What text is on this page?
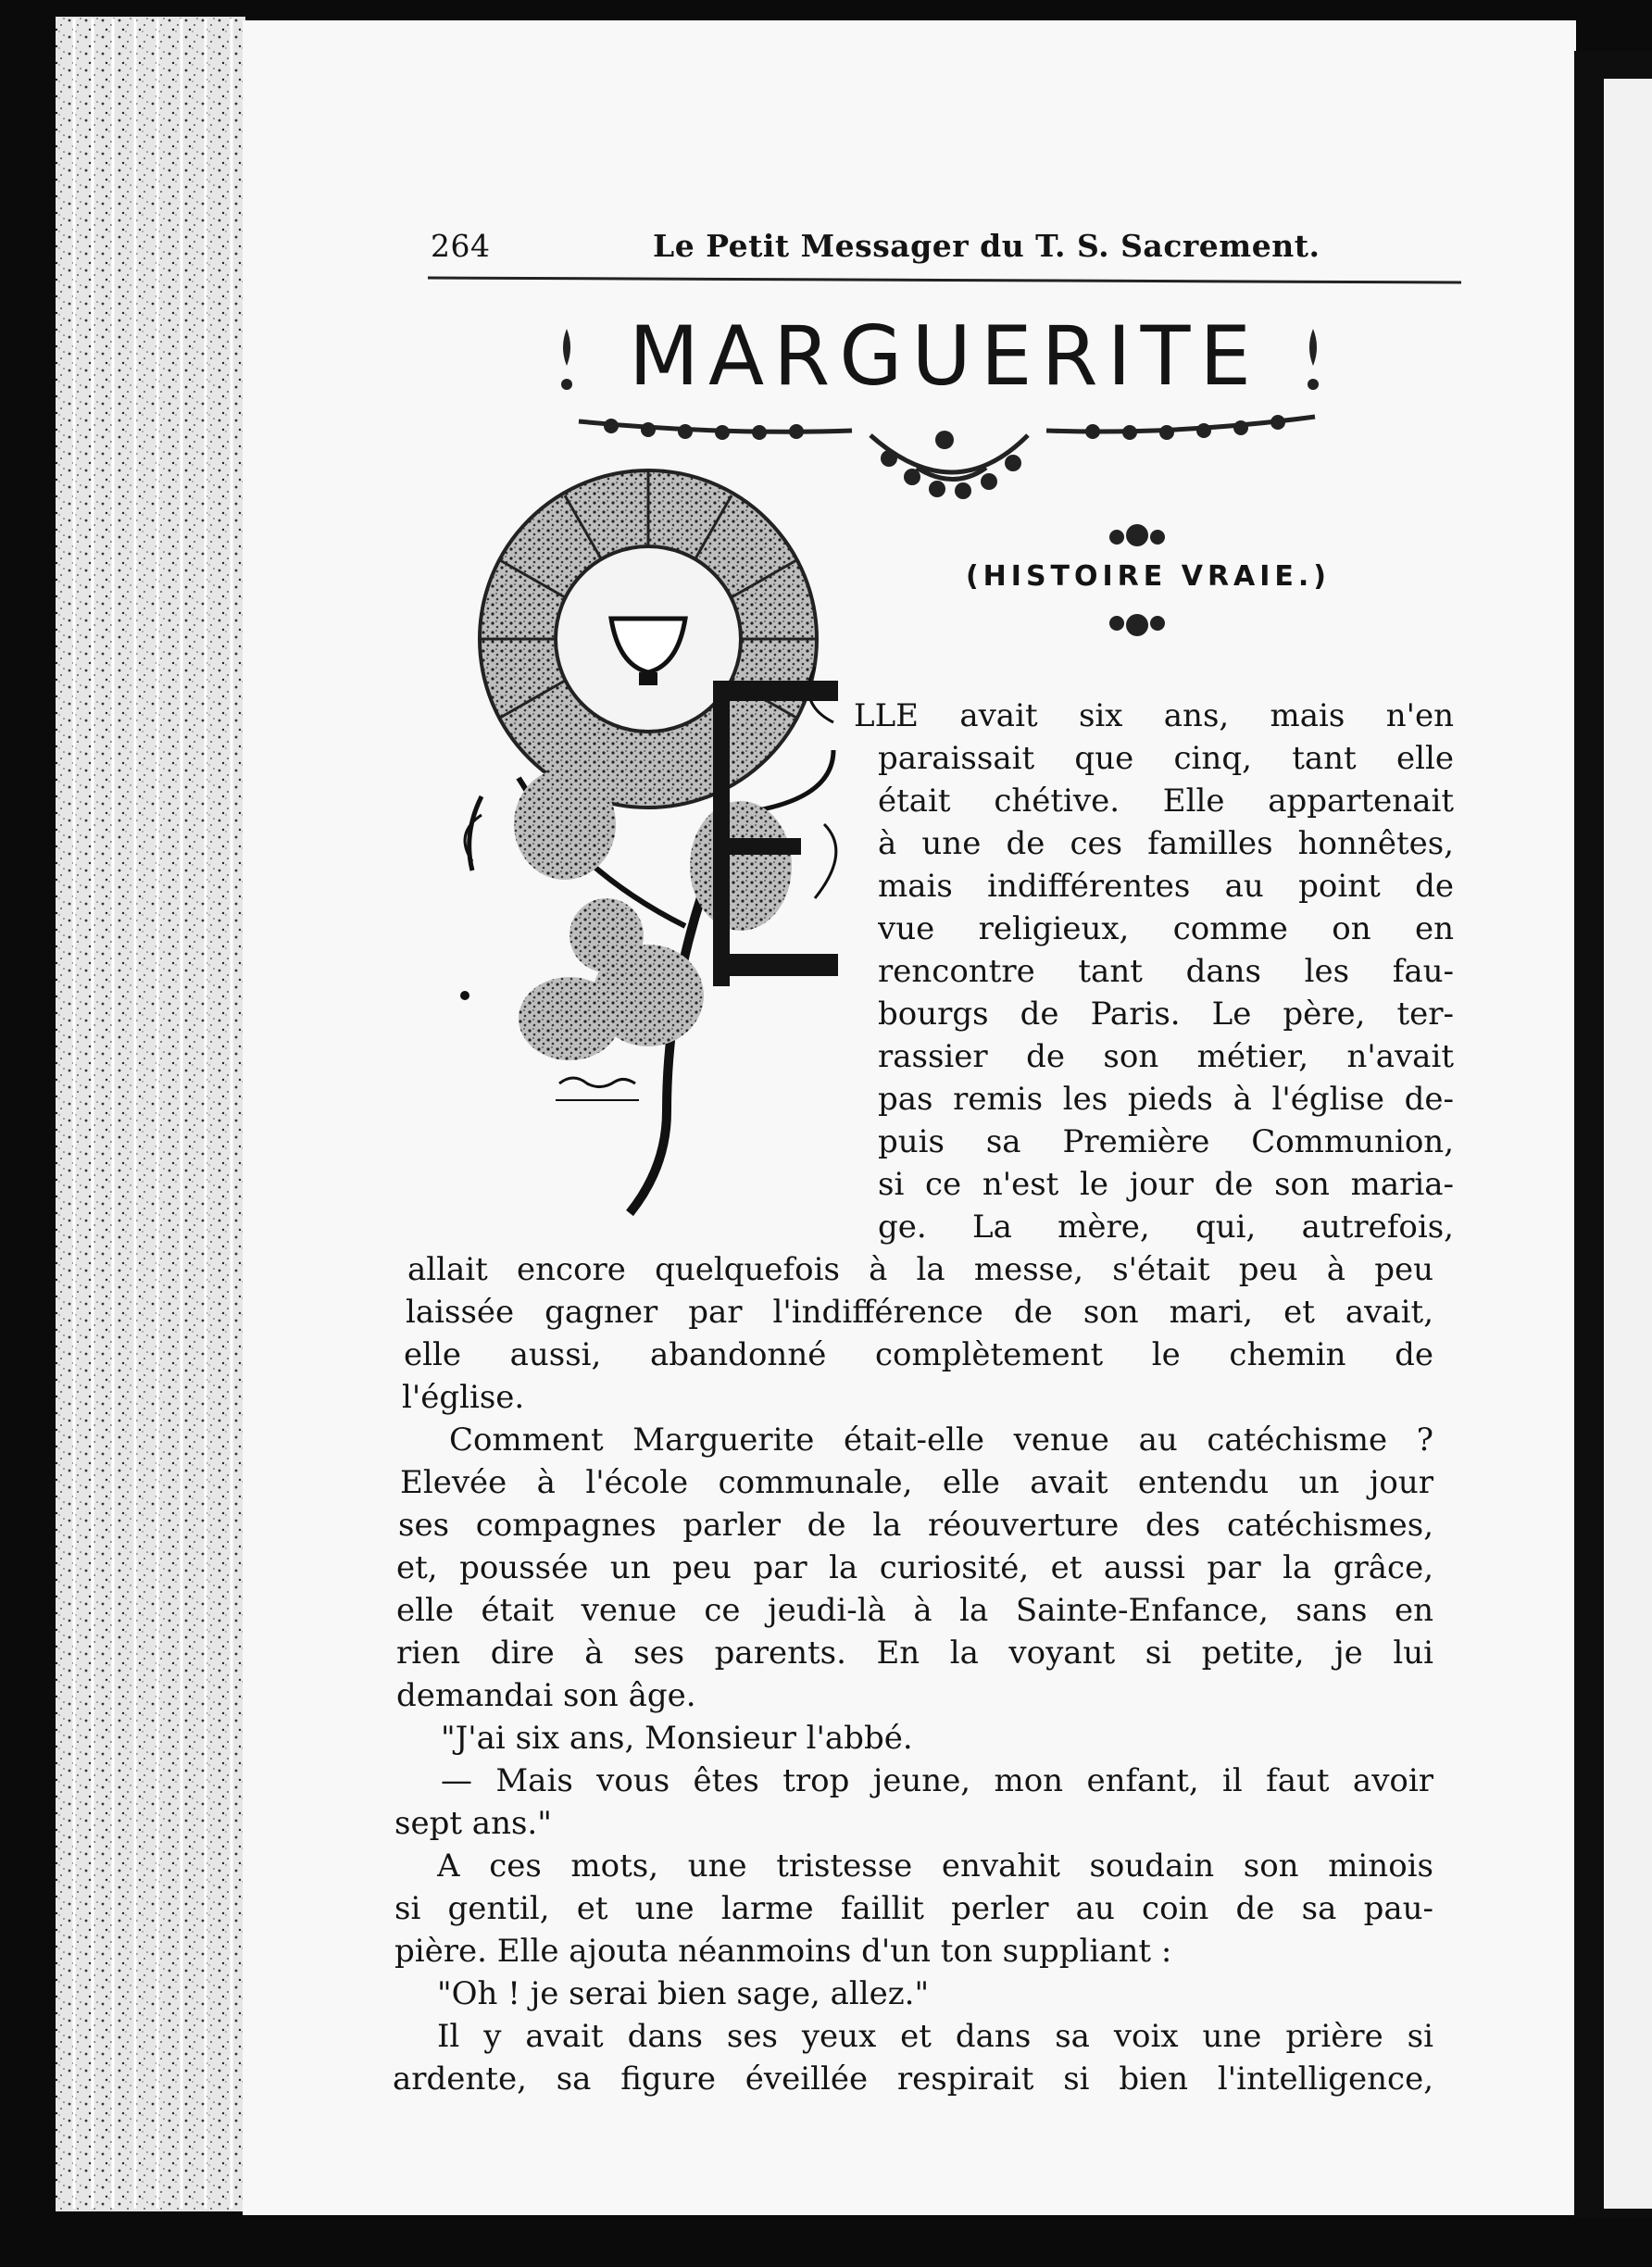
264	Le Petit Messager du T. S. Sacrement.
MARGUERITE
(HISTOIRE VRAIE.)
LLE avait six ans, mais n'en
paraissait que cinq, tant elle
était chétive. Elle appartenait
à une de ces familles honnêtes,
mais indifférentes au point de
vue religieux, comme on en
rencontre tant dans les fau-
bourgs de Paris. Le père, ter-
rassier de son métier, n'avait
pas remis les pieds à l'église de-
puis sa Première Communion,
si ce n'est le jour de son maria-
ge. La mère, qui, autrefois,
allait encore quelquefois à la messe, s'était peu à peu
laissée gagner par l'indifférence de son mari, et avait,
elle aussi, abandonné complètement le chemin de
l'église.
Comment Marguerite était-elle venue au catéchisme ?
Elevée à l'école communale, elle avait entendu un jour
ses compagnes parler de la réouverture des catéchismes,
et, poussée un peu par la curiosité, et aussi par la grâce,
elle était venue ce jeudi-là à la Sainte-Enfance, sans en
rien dire à ses parents. En la voyant si petite, je lui
demandai son âge.
"J'ai six ans, Monsieur l'abbé.
— Mais vous êtes trop jeune, mon enfant, il faut avoir
sept ans."
A ces mots, une tristesse envahit soudain son minois
si gentil, et une larme faillit perler au coin de sa pau-
pière. Elle ajouta néanmoins d'un ton suppliant :
"Oh ! je serai bien sage, allez."
Il y avait dans ses yeux et dans sa voix une prière si
ardente, sa figure éveillée respirait si bien l'intelligence,
